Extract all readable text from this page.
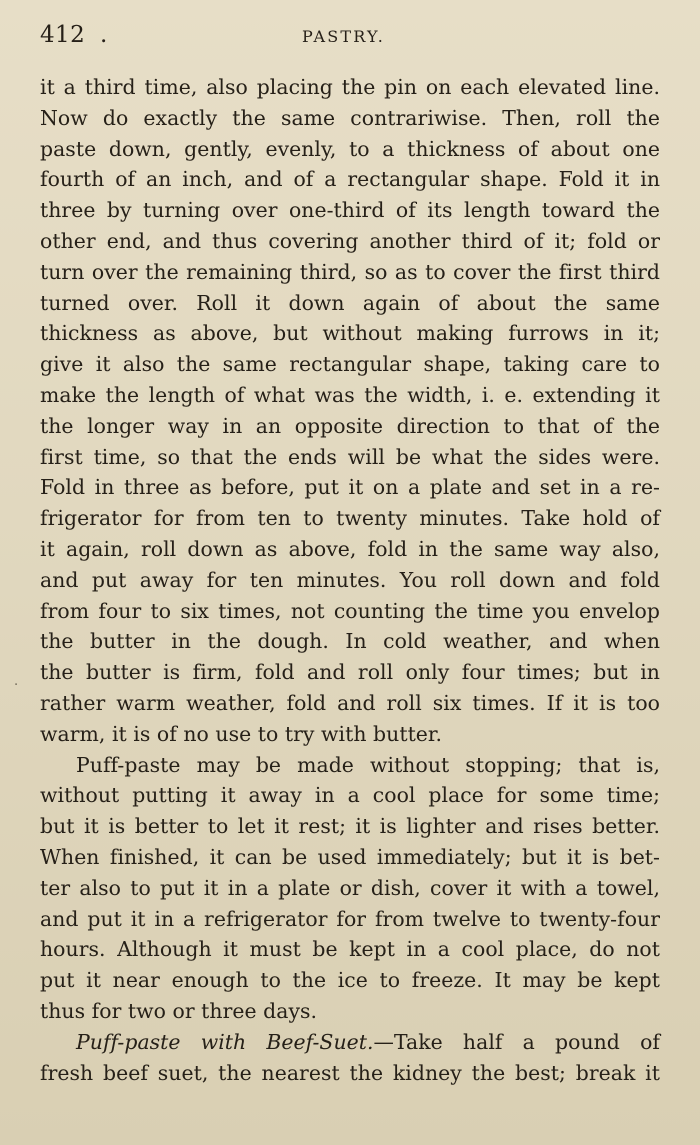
412 .	PASTRY.
.
it a third time, also placing the pin on each elevated line.
Now do exactly the same contrariwise. Then, roll the
paste down, gently, evenly, to a thickness of about one
fourth of an inch, and of a rectangular shape. Fold it in
three by turning over one-third of its length toward the
other end, and thus covering another third of it; fold or
turn over the remaining third, so as to cover the first third
turned over. Roll it down again of about the same
thickness as above, but without making furrows in it;
give it also the same rectangular shape, taking care to
make the length of what was the width, i. e. extending it
the longer way in an opposite direction to that of the
first time, so that the ends will be what the sides were.
Fold in three as before, put it on a plate and set in a re-
frigerator for from ten to twenty minutes. Take hold of
it again, roll down as above, fold in the same way also,
and put away for ten minutes. You roll down and fold
from four to six times, not counting the time you envelop
the butter in the dough. In cold weather, and when
the butter is firm, fold and roll only four times; but in
rather warm weather, fold and roll six times. If it is too
warm, it is of no use to try with butter.
Puff-paste may be made without stopping; that is,
without putting it away in a cool place for some time;
but it is better to let it rest; it is lighter and rises better.
When finished, it can be used immediately; but it is bet-
ter also to put it in a plate or dish, cover it with a towel,
and put it in a refrigerator for from twelve to twenty-four
hours. Although it must be kept in a cool place, do not
put it near enough to the ice to freeze. It may be kept
thus for two or three days.
Puff-paste with Beef-Suet.—Take half a pound of
fresh beef suet, the nearest the kidney the best; break it
